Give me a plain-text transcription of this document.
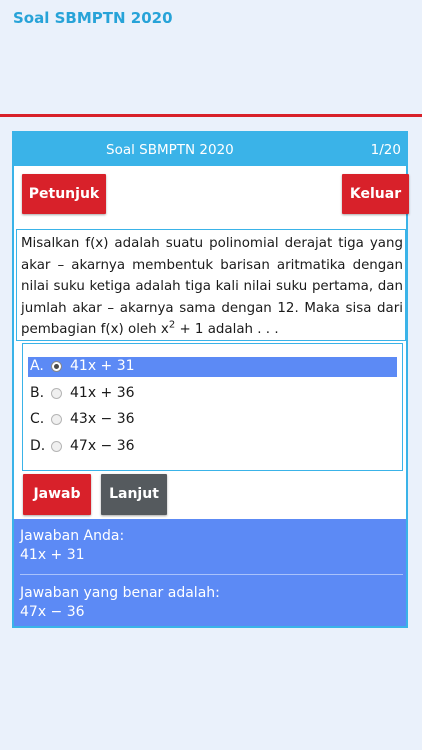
Soal SBMPTN 2020
Soal SBMPTN 2020	1/20
Petunjuk	Keluar
Misalkan f(x) adalah suatu polinomial derajat tiga yang akar – akarnya membentuk barisan aritmatika dengan nilai suku ketiga adalah tiga kali nilai suku pertama, dan jumlah akar – akarnya sama dengan 12. Maka sisa dari pembagian f(x) oleh $x^2 + 1$ adalah . . .
A. 41x + 31
B. 41x + 36
C. 43x − 36
D. 47x − 36
Jawab	Lanjut
Jawaban Anda:
41x + 31
Jawaban yang benar adalah:
47x − 36
